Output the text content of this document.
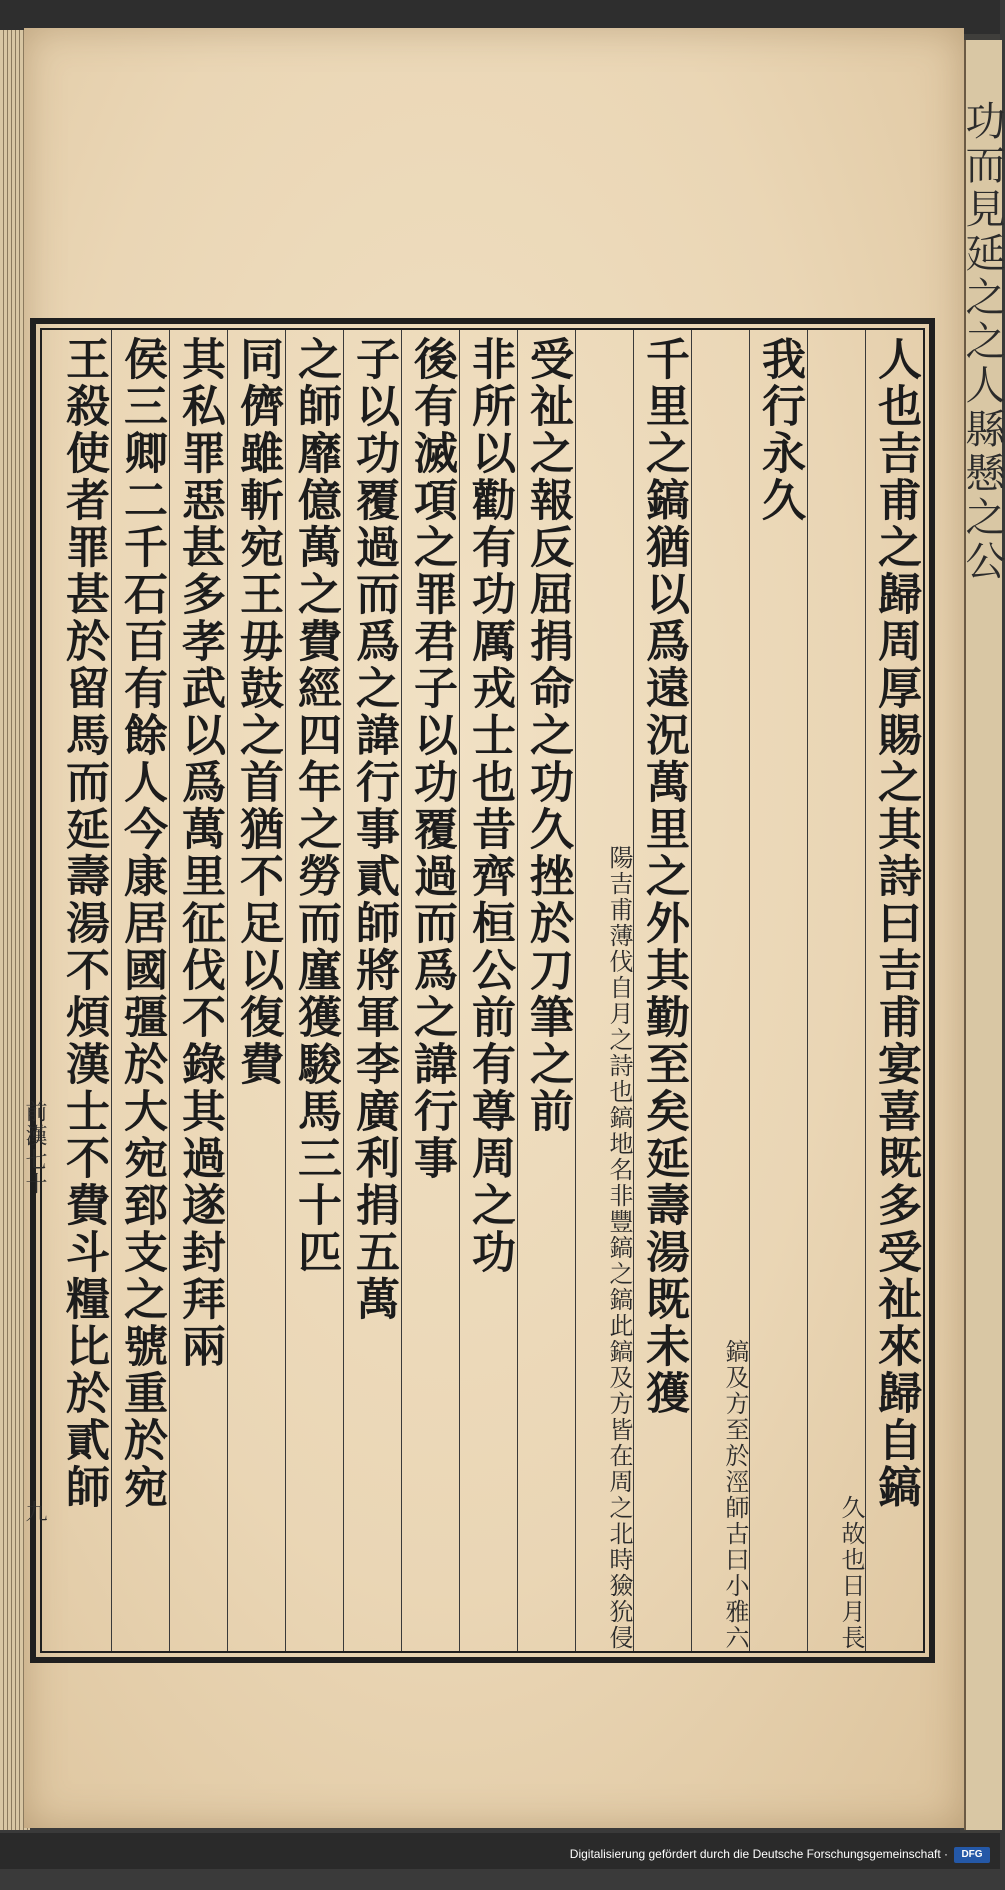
功而見延之之人縣懸之公
人也吉甫之歸周厚賜之其詩曰吉甫宴喜既多受祉來歸自鎬
日月長
久故也
我行永久
師古曰小雅六
鎬及方至於涇
千里之鎬猶以爲遠況萬里之外其勤至矣延壽湯既未獲
月之詩也鎬地名非豐鎬之鎬此鎬及方皆在周之北時獫狁侵
陽吉甫薄伐自
受祉之報反屈捐命之功久挫於刀筆之前
非所以勸有功厲戎士也昔齊桓公前有尊周之功
後有滅項之罪君子以功覆過而爲之諱行事
子以功覆過而爲之諱行事貳師將軍李廣利捐五萬
之師靡億萬之費經四年之勞而廑獲駿馬三十匹
同儕雖斬宛王毋鼓之首猶不足以復費
其私罪惡甚多孝武以爲萬里征伐不錄其過遂封拜兩
侯三卿二千石百有餘人今康居國彊於大宛郅支之號重於宛
王殺使者罪甚於留馬而延壽湯不煩漢士不費斗糧比於貳師
前漢七十
九
Digitalisierung gefördert durch die Deutsche Forschungsgemeinschaft ·	DFG
